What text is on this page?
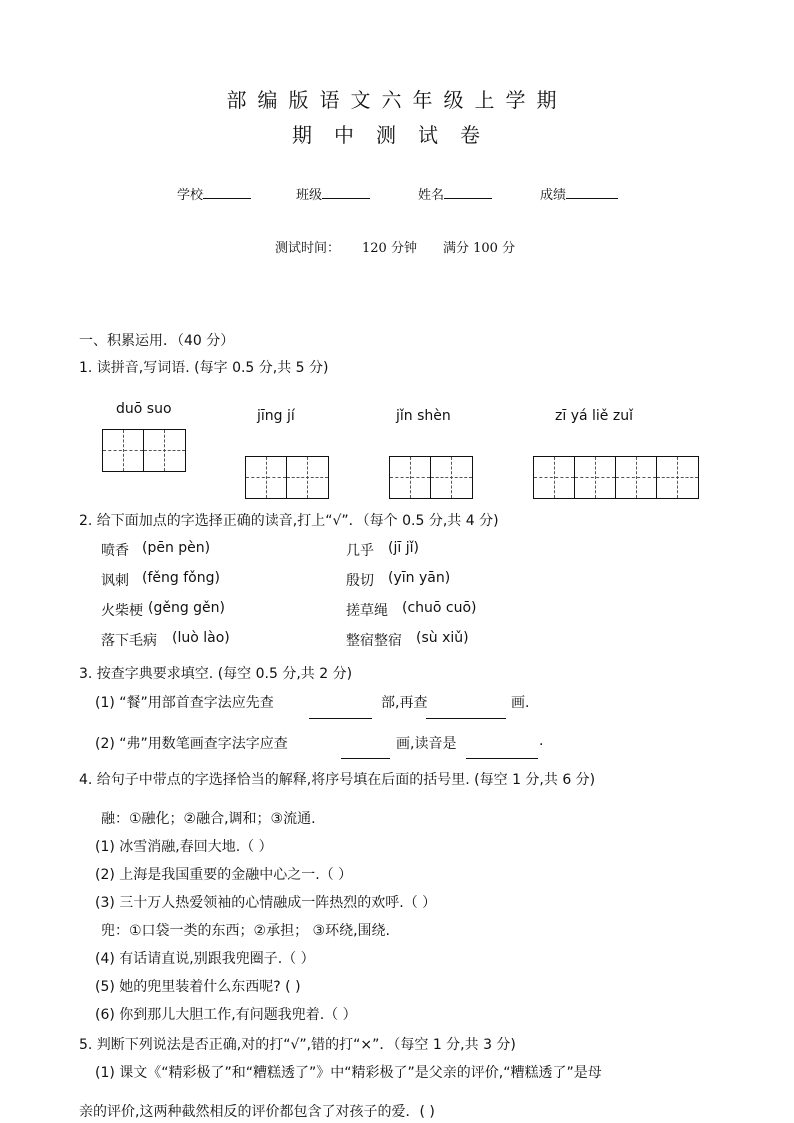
部编版语文六年级上学期
期中测试卷
学校	班级	姓名	成绩
测试时间： 120 分钟 满分 100 分
一、积累运用．（40 分）
1. 读拼音,写词语. (每字 0.5 分,共 5 分)
duō suo	jīng jí	jǐn shèn	zī yá liě zuǐ
2. 给下面加点的字选择正确的读音,打上“√”．（每个 0.5 分,共 4 分)
喷香 (pēn pèn)	几乎 (jī jǐ)
讽刺 (fěng fǒng)	殷切 (yīn yān)
火柴梗 (gěng gěn)	搓草绳 (chuō cuō)
落下毛病 (luò lào)	整宿整宿 (sù xiǔ)
3. 按查字典要求填空. (每空 0.5 分,共 2 分)
(1) “餐”用部首查字法应先查	部,再查	画.
(2) “弗”用数笔画查字法字应查	画,读音是	.
4. 给句子中带点的字选择恰当的解释,将序号填在后面的括号里. (每空 1 分,共 6 分)
融：①融化；②融合,调和；③流通.
(1) 冰雪消融,春回大地.（ ）
(2) 上海是我国重要的金融中心之一.（ ）
(3) 三十万人热爱领袖的心情融成一阵热烈的欢呼.（ ）
兜：①口袋一类的东西；②承担； ③环绕,围绕.
(4) 有话请直说,别跟我兜圈子.（ ）
(5) 她的兜里装着什么东西呢? ( )
(6) 你到那儿大胆工作,有问题我兜着.（ ）
5. 判断下列说法是否正确,对的打“√”,错的打“×”．（每空 1 分,共 3 分)
(1) 课文《“精彩极了”和“糟糕透了”》中“精彩极了”是父亲的评价,“糟糕透了”是母
亲的评价,这两种截然相反的评价都包含了对孩子的爱．( )
